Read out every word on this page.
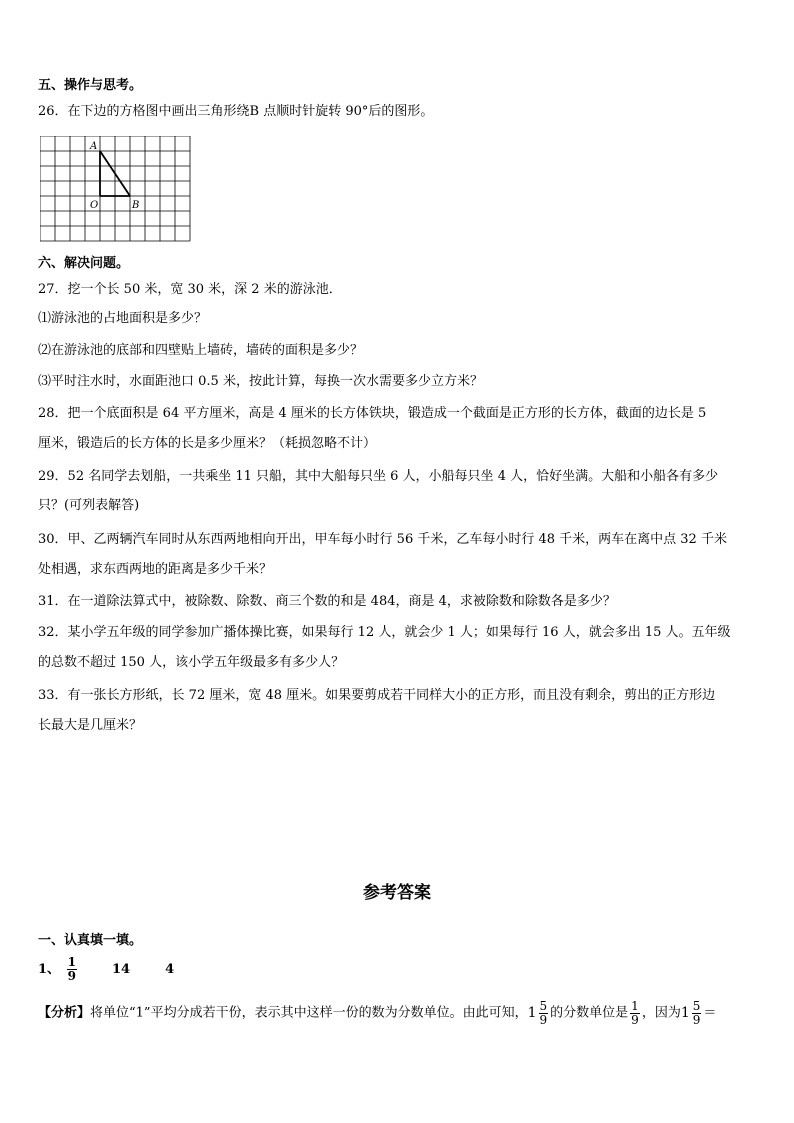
五、操作与思考。
26．在下边的方格图中画出三角形绕B 点顺时针旋转 90°后的图形。
A
O	B
六、解决问题。
27．挖一个长 50 米，宽 30 米，深 2 米的游泳池．
⑴游泳池的占地面积是多少？
⑵在游泳池的底部和四壁贴上墙砖，墙砖的面积是多少？
⑶平时注水时，水面距池口 0.5 米，按此计算，每换一次水需要多少立方米？
28．把一个底面积是 64 平方厘米，高是 4 厘米的长方体铁块，锻造成一个截面是正方形的长方体，截面的边长是 5
厘米，锻造后的长方体的长是多少厘米？（耗损忽略不计）
29．52 名同学去划船，一共乘坐 11 只船，其中大船每只坐 6 人，小船每只坐 4 人，恰好坐满。大船和小船各有多少
只？(可列表解答)
30．甲、乙两辆汽车同时从东西两地相向开出，甲车每小时行 56 千米，乙车每小时行 48 千米，两车在离中点 32 千米
处相遇，求东西两地的距离是多少千米？
31．在一道除法算式中，被除数、除数、商三个数的和是 484，商是 4，求被除数和除数各是多少？
32．某小学五年级的同学参加广播体操比赛，如果每行 12 人，就会少 1 人；如果每行 16 人，就会多出 15 人。五年级
的总数不超过 150 人，该小学五年级最多有多少人？
33．有一张长方形纸，长 72 厘米，宽 48 厘米。如果要剪成若干同样大小的正方形，而且没有剩余，剪出的正方形边
长最大是几厘米？
参考答案
一、认真填一填。
1、 $\frac{1}{9}$	14	4
【分析】将单位“1”平均分成若干份，表示其中这样一份的数为分数单位。由此可知，$1 \frac{5}{9}$ 的分数单位是 $\frac{1}{9}$ ，因为$1 \frac{5}{9}$ ＝
